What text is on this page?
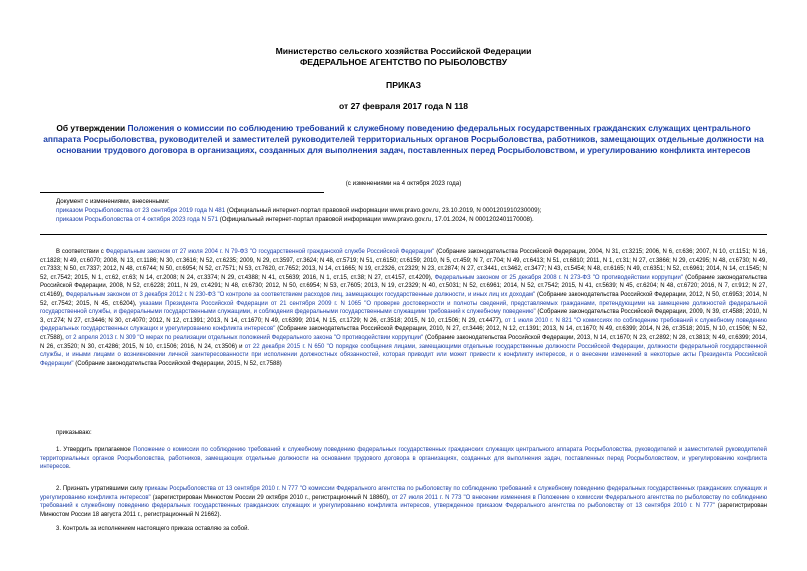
Министерство сельского хозяйства Российской Федерации
ФЕДЕРАЛЬНОЕ АГЕНТСТВО ПО РЫБОЛОВСТВУ
ПРИКАЗ
от 27 февраля 2017 года N 118
Об утверждении Положения о комиссии по соблюдению требований к служебному поведению федеральных государственных гражданских служащих центрального аппарата Росрыболовства, руководителей и заместителей руководителей территориальных органов Росрыболовства, работников, замещающих отдельные должности на основании трудового договора в организациях, созданных для выполнения задач, поставленных перед Росрыболовством, и урегулированию конфликта интересов
(с изменениями на 4 октября 2023 года)
Документ с изменениями, внесенными:
приказом Росрыболовства от 23 сентября 2019 года N 481 (Официальный интернет-портал правовой информации www.pravo.gov.ru, 23.10.2019, N 0001201910230009);
приказом Росрыболовства от 4 октября 2023 года N 571 (Официальный интернет-портал правовой информации www.pravo.gov.ru, 17.01.2024, N 0001202401170008).
В соответствии с Федеральным законом от 27 июля 2004 г. N 79-ФЗ "О государственной гражданской службе Российской Федерации" (Собрание законодательства Российской Федерации, 2004, N 31, ст.3215; 2006, N 6, ст.636; 2007, N 10, ст.1151; N 16, ст.1828; N 49, ст.6070; 2008, N 13, ст.1186; N 30, ст.3616; N 52, ст.6235; 2009, N 29, ст.3597, ст.3624; N 48, ст.5719; N 51, ст.6150; ст.6159; 2010, N 5, ст.459; N 7, ст.704; N 49, ст.6413; N 51, ст.6810; 2011, N 1, ст.31; N 27, ст.3866; N 29, ст.4295; N 48, ст.6730; N 49, ст.7333; N 50, ст.7337; 2012, N 48, ст.6744; N 50, ст.6954; N 52, ст.7571; N 53, ст.7620, ст.7652; 2013, N 14, ст.1665; N 19, ст.2326, ст.2329; N 23, ст.2874; N 27, ст.3441, ст.3462, ст.3477; N 43, ст.5454; N 48, ст.6165; N 49, ст.6351; N 52, ст.6961; 2014, N 14, ст.1545; N 52, ст.7542; 2015, N 1, ст.62, ст.63; N 14, ст.2008; N 24, ст.3374; N 29, ст.4388; N 41, ст.5639; 2016, N 1, ст.15, ст.38; N 27, ст.4157, ст.4209), Федеральным законом от 25 декабря 2008 г. N 273-ФЗ "О противодействии коррупции" (Собрание законодательства Российской Федерации, 2008, N 52, ст.6228; 2011, N 29, ст.4291; N 48, ст.6730; 2012, N 50, ст.6954; N 53, ст.7605; 2013, N 19, ст.2329; N 40, ст.5031; N 52, ст.6961; 2014, N 52, ст.7542; 2015, N 41, ст.5639; N 45, ст.6204; N 48, ст.6720; 2016, N 7, ст.912; N 27, ст.4169), Федеральным законом от 3 декабря 2012 г. N 230-ФЗ "О контроле за соответствием расходов лиц, замещающих государственные должности, и иных лиц их доходам" (Собрание законодательства Российской Федерации, 2012, N 50, ст.6953; 2014, N 52, ст.7542; 2015, N 45, ст.6204), указами Президента Российской Федерации от 21 сентября 2009 г. N 1065 "О проверке достоверности и полноты сведений, представляемых гражданами, претендующими на замещение должностей федеральной государственной службы, и федеральными государственными служащими, и соблюдения федеральными государственными служащими требований к служебному поведению" (Собрание законодательства Российской Федерации, 2009, N 39, ст.4588; 2010, N 3, ст.274; N 27, ст.3446; N 30, ст.4070; 2012, N 12, ст.1391; 2013, N 14, ст.1670; N 49, ст.6399; 2014, N 15, ст.1729; N 26, ст.3518; 2015, N 10, ст.1506; N 29, ст.4477), от 1 июля 2010 г. N 821 "О комиссиях по соблюдению требований к служебному поведению федеральных государственных служащих и урегулированию конфликта интересов" (Собрание законодательства Российской Федерации, 2010, N 27, ст.3446; 2012, N 12, ст.1391; 2013, N 14, ст.1670; N 49, ст.6399; 2014, N 26, ст.3518; 2015, N 10, ст.1506; N 52, ст.7588), от 2 апреля 2013 г. N 309 "О мерах по реализации отдельных положений Федерального закона "О противодействии коррупции" (Собрание законодательства Российской Федерации, 2013, N 14, ст.1670; N 23, ст.2892; N 28, ст.3813; N 49, ст.6399; 2014, N 26, ст.3520; N 30, ст.4286; 2015, N 10, ст.1506; 2016, N 24, ст.3506) и от 22 декабря 2015 г. N 650 "О порядке сообщения лицами, замещающими отдельные государственные должности Российской Федерации, должности федеральной государственной службы, и иными лицами о возникновении личной заинтересованности при исполнении должностных обязанностей, которая приводит или может привести к конфликту интересов, и о внесении изменений в некоторые акты Президента Российской Федерации" (Собрание законодательства Российской Федерации, 2015, N 52, ст.7588)
приказываю:
1. Утвердить прилагаемое Положение о комиссии по соблюдению требований к служебному поведению федеральных государственных гражданских служащих центрального аппарата Росрыболовства, руководителей и заместителей руководителей территориальных органов Росрыболовства, работников, замещающих отдельные должности на основании трудового договора в организациях, созданных для выполнения задач, поставленных перед Росрыболовством, и урегулированию конфликта интересов.
2. Признать утратившими силу приказы Росрыболовства от 13 сентября 2010 г. N 777 "О комиссии Федерального агентства по рыболовству по соблюдению требований к служебному поведению федеральных государственных гражданских служащих и урегулированию конфликта интересов" (зарегистрирован Минюстом России 29 октября 2010 г., регистрационный N 18860), от 27 июля 2011 г. N 773 "О внесении изменения в Положение о комиссии Федерального агентства по рыболовству по соблюдению требований к служебному поведению федеральных государственных гражданских служащих и урегулированию конфликта интересов, утвержденное приказом Федерального агентства по рыболовству от 13 сентября 2010 г. N 777" (зарегистрирован Минюстом России 18 августа 2011 г., регистрационный N 21662).
3. Контроль за исполнением настоящего приказа оставляю за собой.
